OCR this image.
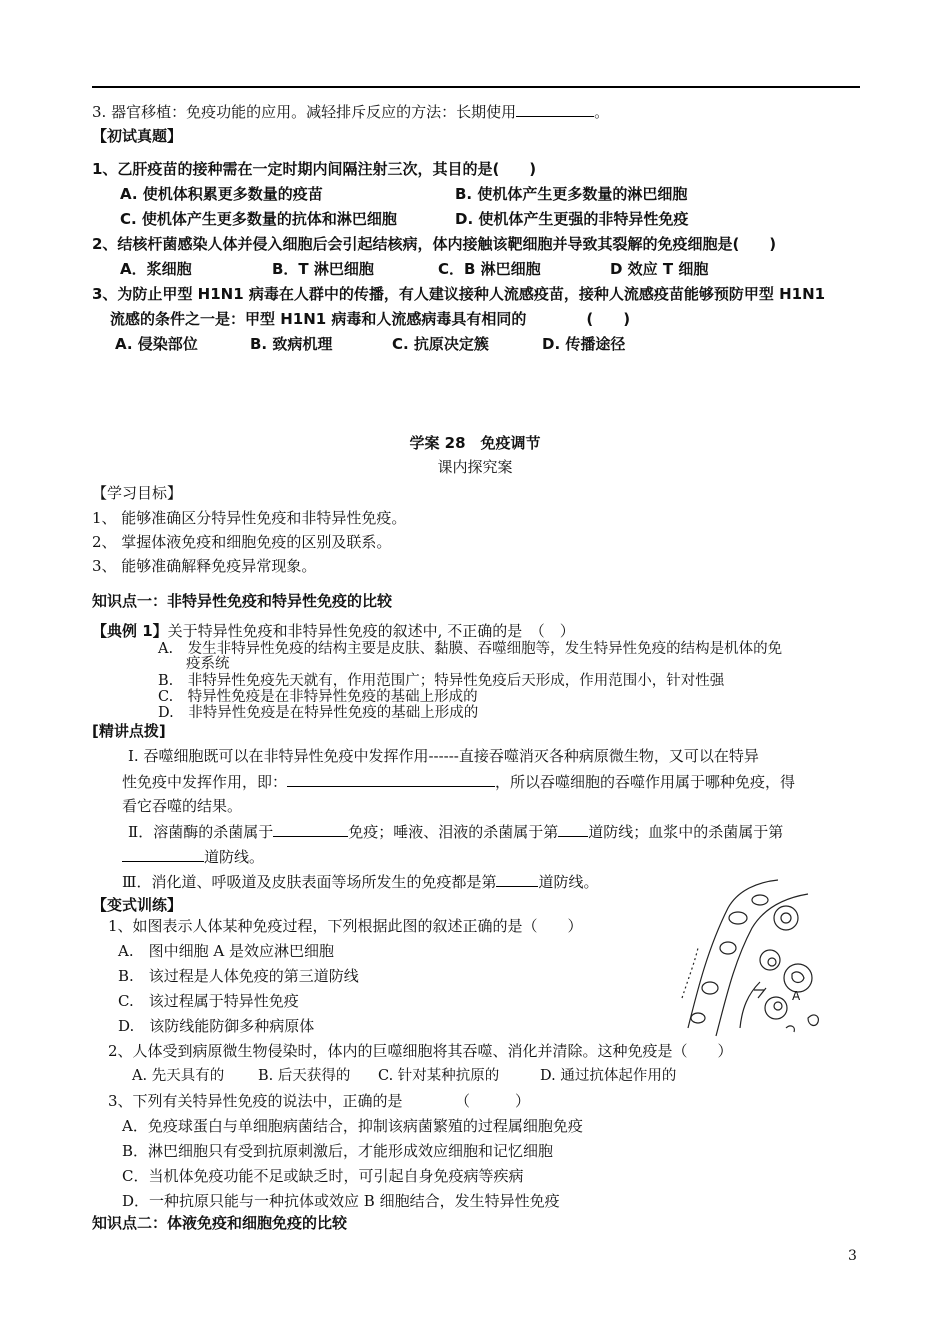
3. 器官移植：免疫功能的应用。减轻排斥反应的方法：长期使用	。
【初试真题】
1、乙肝疫苗的接种需在一定时期内间隔注射三次，其目的是(　　)
A. 使机体积累更多数量的疫苗	B. 使机体产生更多数量的淋巴细胞
C. 使机体产生更多数量的抗体和淋巴细胞	D. 使机体产生更强的非特异性免疫
2、结核杆菌感染人体并侵入细胞后会引起结核病，体内接触该靶细胞并导致其裂解的免疫细胞是(　　)
A．浆细胞	B．T 淋巴细胞	C．B 淋巴细胞	D 效应 T 细胞
3、为防止甲型 H1N1 病毒在人群中的传播，有人建议接种人流感疫苗，接种人流感疫苗能够预防甲型 H1N1
流感的条件之一是：甲型 H1N1 病毒和人流感病毒具有相同的　　　　(　　)
A. 侵染部位	B. 致病机理	C. 抗原决定簇	D. 传播途径
学案 28　免疫调节
课内探究案
【学习目标】
1、 能够准确区分特异性免疫和非特异性免疫。
2、 掌握体液免疫和细胞免疫的区别及联系。
3、 能够准确解释免疫异常现象。
知识点一：非特异性免疫和特异性免疫的比较
【典例 1】关于特异性免疫和非特异性免疫的叙述中, 不正确的是　（　）
A.　发生非特异性免疫的结构主要是皮肤、黏膜、吞噬细胞等，发生特异性免疫的结构是机体的免
疫系统
B.　非特异性免疫先天就有，作用范围广；特异性免疫后天形成，作用范围小，针对性强
C.　特异性免疫是在非特异性免疫的基础上形成的
D.　非特异性免疫是在特异性免疫的基础上形成的
[精讲点拨]
Ⅰ. 吞噬细胞既可以在非特异性免疫中发挥作用------直接吞噬消灭各种病原微生物，又可以在特异
性免疫中发挥作用，即：	，所以吞噬细胞的吞噬作用属于哪种免疫，得
看它吞噬的结果。
Ⅱ．溶菌酶的杀菌属于	免疫；唾液、泪液的杀菌属于第 道防线；血浆中的杀菌属于第
道防线。
Ⅲ．消化道、呼吸道及皮肤表面等场所发生的免疫都是第	道防线。
【变式训练】
1、如图表示人体某种免疫过程，下列根据此图的叙述正确的是（　　）
A.　图中细胞 A 是效应淋巴细胞
B.　该过程是人体免疫的第三道防线
C.　该过程属于特异性免疫
D.　该防线能防御多种病原体
2、人体受到病原微生物侵染时，体内的巨噬细胞将其吞噬、消化并清除。这种免疫是（　　）
A. 先天具有的 B. 后天获得的 C. 针对某种抗原的	D. 通过抗体起作用的
3、下列有关特异性免疫的说法中，正确的是　　　　（　　　）
A．免疫球蛋白与单细胞病菌结合，抑制该病菌繁殖的过程属细胞免疫
B．淋巴细胞只有受到抗原刺激后，才能形成效应细胞和记忆细胞
C．当机体免疫功能不足或缺乏时，可引起自身免疫病等疾病
D．一种抗原只能与一种抗体或效应 B 细胞结合，发生特异性免疫
知识点二：体液免疫和细胞免疫的比较
A
3
